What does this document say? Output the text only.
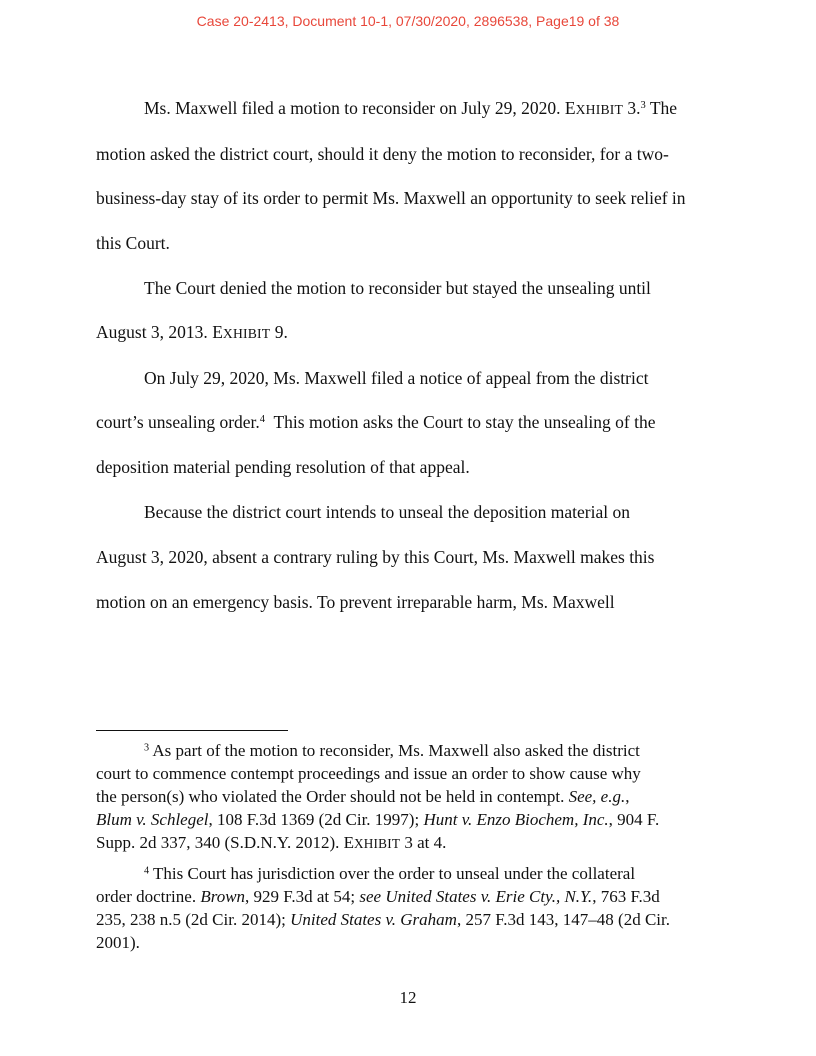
Case 20-2413, Document 10-1, 07/30/2020, 2896538, Page19 of 38
Ms. Maxwell filed a motion to reconsider on July 29, 2020. EXHIBIT 3.$^3$ The
motion asked the district court, should it deny the motion to reconsider, for a two-
business-day stay of its order to permit Ms. Maxwell an opportunity to seek relief in
this Court.
The Court denied the motion to reconsider but stayed the unsealing until
August 3, 2013. EXHIBIT 9.
On July 29, 2020, Ms. Maxwell filed a notice of appeal from the district
court’s unsealing order.$^4$  This motion asks the Court to stay the unsealing of the
deposition material pending resolution of that appeal.
Because the district court intends to unseal the deposition material on
August 3, 2020, absent a contrary ruling by this Court, Ms. Maxwell makes this
motion on an emergency basis. To prevent irreparable harm, Ms. Maxwell
$^3$ As part of the motion to reconsider, Ms. Maxwell also asked the district
court to commence contempt proceedings and issue an order to show cause why
the person(s) who violated the Order should not be held in contempt. See, e.g.,
Blum v. Schlegel, 108 F.3d 1369 (2d Cir. 1997); Hunt v. Enzo Biochem, Inc., 904 F.
Supp. 2d 337, 340 (S.D.N.Y. 2012). EXHIBIT 3 at 4.
$^4$ This Court has jurisdiction over the order to unseal under the collateral
order doctrine. Brown, 929 F.3d at 54; see United States v. Erie Cty., N.Y., 763 F.3d
235, 238 n.5 (2d Cir. 2014); United States v. Graham, 257 F.3d 143, 147–48 (2d Cir.
2001).
12
